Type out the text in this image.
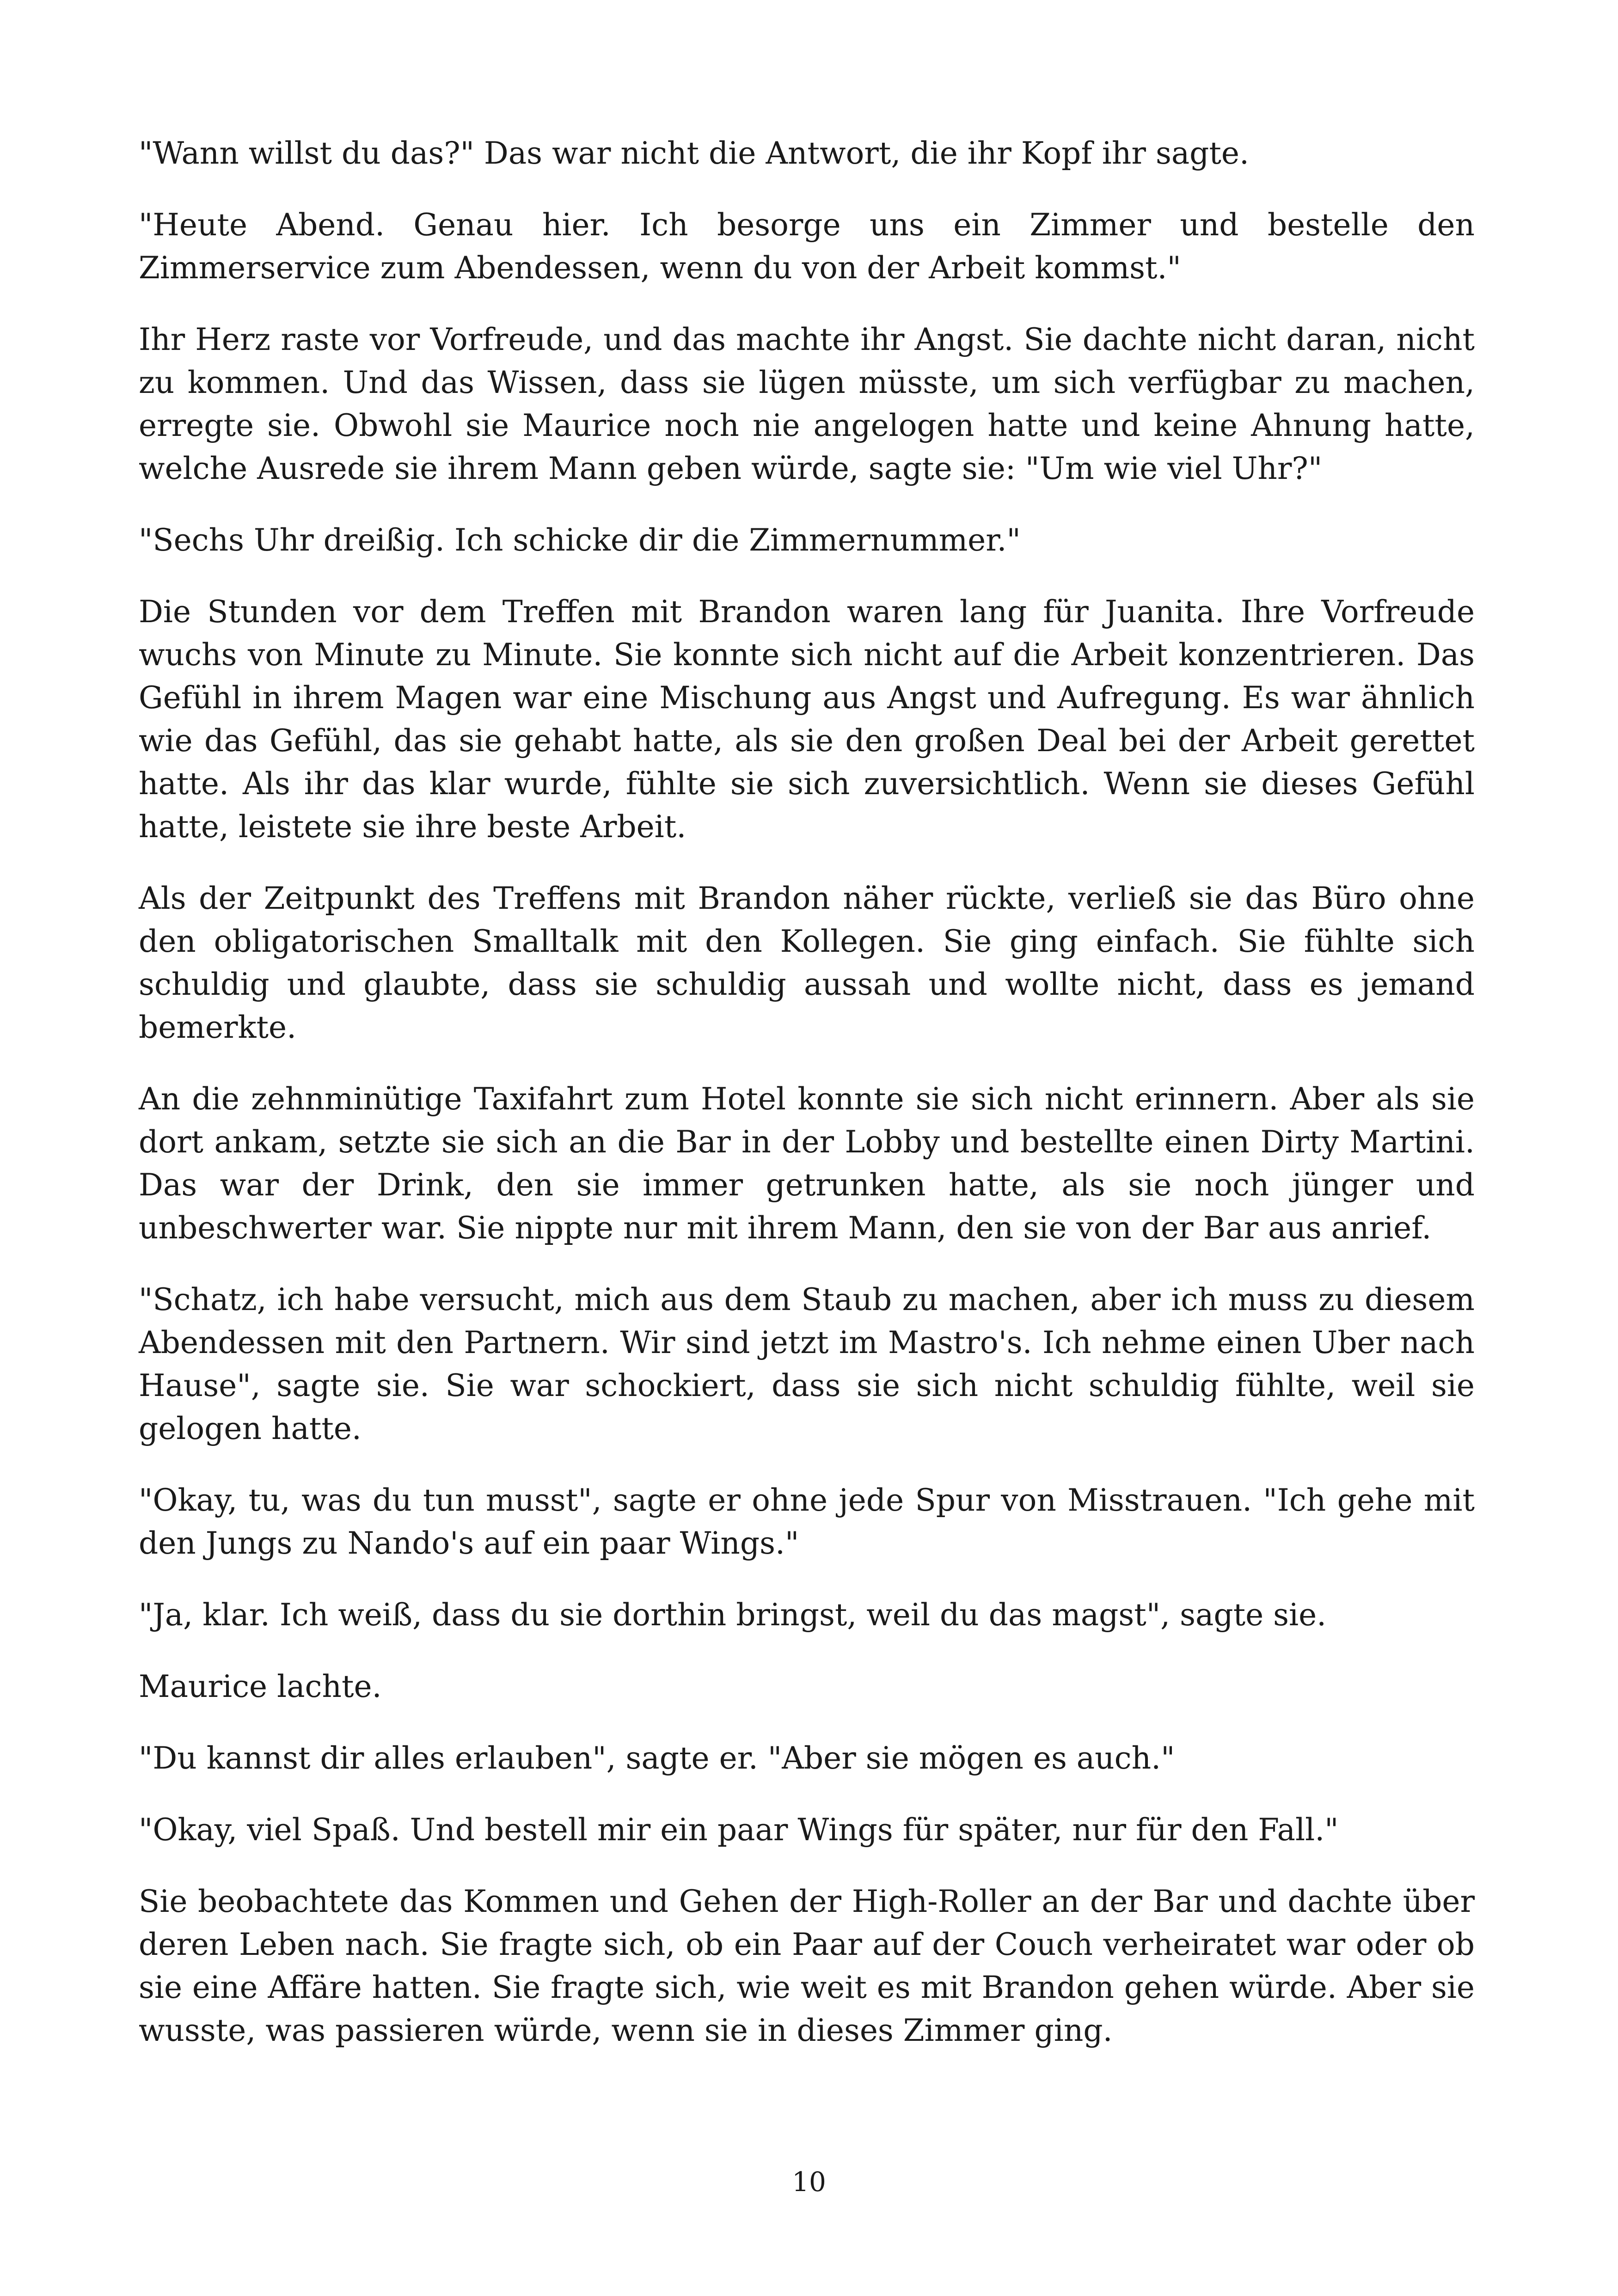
"Wann willst du das?" Das war nicht die Antwort, die ihr Kopf ihr sagte.

"Heute Abend. Genau hier. Ich besorge uns ein Zimmer und bestelle den Zimmerservice zum Abendessen, wenn du von der Arbeit kommst."

Ihr Herz raste vor Vorfreude, und das machte ihr Angst. Sie dachte nicht daran, nicht zu kommen. Und das Wissen, dass sie lügen müsste, um sich verfügbar zu machen, erregte sie. Obwohl sie Maurice noch nie angelogen hatte und keine Ahnung hatte, welche Ausrede sie ihrem Mann geben würde, sagte sie: "Um wie viel Uhr?"

"Sechs Uhr dreißig. Ich schicke dir die Zimmernummer."

Die Stunden vor dem Treffen mit Brandon waren lang für Juanita. Ihre Vorfreude wuchs von Minute zu Minute. Sie konnte sich nicht auf die Arbeit konzentrieren. Das Gefühl in ihrem Magen war eine Mischung aus Angst und Aufregung. Es war ähnlich wie das Gefühl, das sie gehabt hatte, als sie den großen Deal bei der Arbeit gerettet hatte. Als ihr das klar wurde, fühlte sie sich zuversichtlich. Wenn sie dieses Gefühl hatte, leistete sie ihre beste Arbeit.

Als der Zeitpunkt des Treffens mit Brandon näher rückte, verließ sie das Büro ohne den obligatorischen Smalltalk mit den Kollegen. Sie ging einfach. Sie fühlte sich schuldig und glaubte, dass sie schuldig aussah und wollte nicht, dass es jemand bemerkte.

An die zehnminütige Taxifahrt zum Hotel konnte sie sich nicht erinnern. Aber als sie dort ankam, setzte sie sich an die Bar in der Lobby und bestellte einen Dirty Martini. Das war der Drink, den sie immer getrunken hatte, als sie noch jünger und unbeschwerter war. Sie nippte nur mit ihrem Mann, den sie von der Bar aus anrief.

"Schatz, ich habe versucht, mich aus dem Staub zu machen, aber ich muss zu diesem Abendessen mit den Partnern. Wir sind jetzt im Mastro's. Ich nehme einen Uber nach Hause", sagte sie. Sie war schockiert, dass sie sich nicht schuldig fühlte, weil sie gelogen hatte.

"Okay, tu, was du tun musst", sagte er ohne jede Spur von Misstrauen. "Ich gehe mit den Jungs zu Nando's auf ein paar Wings."

"Ja, klar. Ich weiß, dass du sie dorthin bringst, weil du das magst", sagte sie.

Maurice lachte.

"Du kannst dir alles erlauben", sagte er. "Aber sie mögen es auch."

"Okay, viel Spaß. Und bestell mir ein paar Wings für später, nur für den Fall."

Sie beobachtete das Kommen und Gehen der High-Roller an der Bar und dachte über deren Leben nach. Sie fragte sich, ob ein Paar auf der Couch verheiratet war oder ob sie eine Affäre hatten. Sie fragte sich, wie weit es mit Brandon gehen würde. Aber sie wusste, was passieren würde, wenn sie in dieses Zimmer ging.

10
